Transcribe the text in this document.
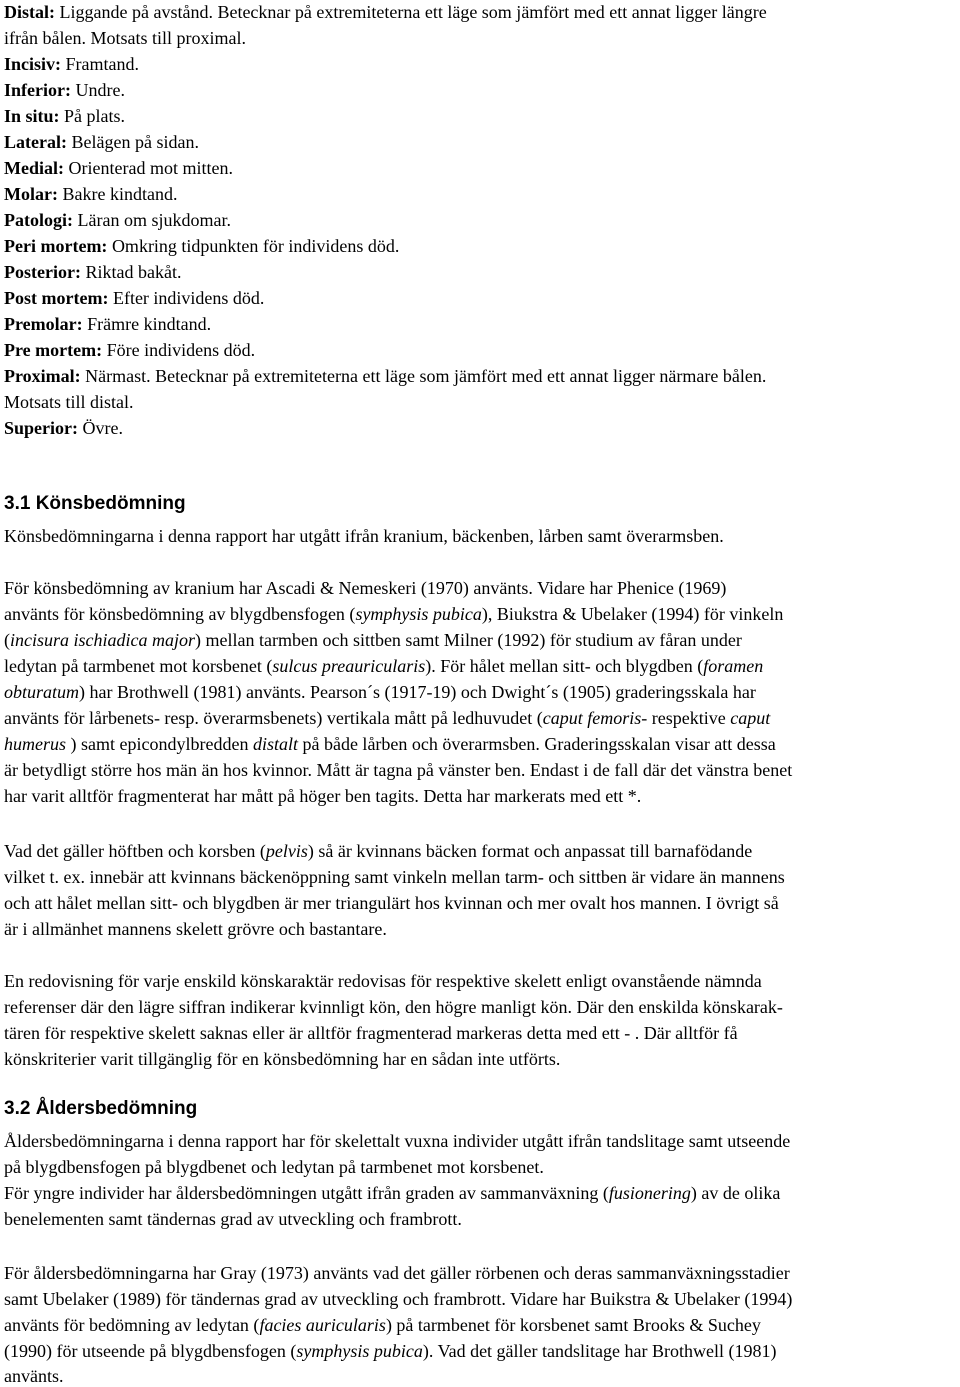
Distal: Liggande på avstånd. Betecknar på extremiteterna ett läge som jämfört med ett annat ligger längre
ifrån bålen. Motsats till proximal.
Incisiv: Framtand.
Inferior: Undre.
In situ: På plats.
Lateral: Belägen på sidan.
Medial: Orienterad mot mitten.
Molar: Bakre kindtand.
Patologi: Läran om sjukdomar.
Peri mortem: Omkring tidpunkten för individens död.
Posterior: Riktad bakåt.
Post mortem: Efter individens död.
Premolar: Främre kindtand.
Pre mortem: Före individens död.
Proximal: Närmast. Betecknar på extremiteterna ett läge som jämfört med ett annat ligger närmare bålen.
Motsats till distal.
Superior: Övre.
3.1 Könsbedömning
Könsbedömningarna i denna rapport har utgått ifrån kranium, bäckenben, lårben samt överarmsben.
För könsbedömning av kranium har Ascadi & Nemeskeri (1970) använts. Vidare har Phenice (1969)
använts för könsbedömning av blygdbensfogen (symphysis pubica), Biukstra & Ubelaker (1994) för vinkeln
(incisura ischiadica major) mellan tarmben och sittben samt Milner (1992) för studium av fåran under
ledytan på tarmbenet mot korsbenet (sulcus preauricularis). För hålet mellan sitt- och blygdben (foramen
obturatum) har Brothwell (1981) använts. Pearson´s (1917-19) och Dwight´s (1905) graderingsskala har
använts för lårbenets- resp. överarmsbenets) vertikala mått på ledhuvudet (caput femoris- respektive caput
humerus ) samt epicondylbredden distalt på både lårben och överarmsben. Graderingsskalan visar att dessa
är betydligt större hos män än hos kvinnor. Mått är tagna på vänster ben. Endast i de fall där det vänstra benet
har varit alltför fragmenterat har mått på höger ben tagits. Detta har markerats med ett *.
Vad det gäller höftben och korsben (pelvis) så är kvinnans bäcken format och anpassat till barnafödande
vilket t. ex. innebär att kvinnans bäckenöppning samt vinkeln mellan tarm- och sittben är vidare än mannens
och att hålet mellan sitt- och blygdben är mer triangulärt hos kvinnan och mer ovalt hos mannen. I övrigt så
är i allmänhet mannens skelett grövre och bastantare.
En redovisning för varje enskild könskaraktär redovisas för respektive skelett enligt ovanstående nämnda
referenser där den lägre siffran indikerar kvinnligt kön, den högre manligt kön. Där den enskilda könskarak-
tären för respektive skelett saknas eller är alltför fragmenterad markeras detta med ett - . Där alltför få
könskriterier varit tillgänglig för en könsbedömning har en sådan inte utförts.
3.2 Åldersbedömning
Åldersbedömningarna i denna rapport har för skelettalt vuxna individer utgått ifrån tandslitage samt utseende
på blygdbensfogen på blygdbenet och ledytan på tarmbenet mot korsbenet.
För yngre individer har åldersbedömningen utgått ifrån graden av sammanväxning (fusionering) av de olika
benelementen samt tändernas grad av utveckling och frambrott.
För åldersbedömningarna har Gray (1973) använts vad det gäller rörbenen och deras sammanväxningsstadier
samt Ubelaker (1989) för tändernas grad av utveckling och frambrott. Vidare har Buikstra & Ubelaker (1994)
använts för bedömning av ledytan (facies auricularis) på tarmbenet för korsbenet samt Brooks & Suchey
(1990) för utseende på blygdbensfogen (symphysis pubica). Vad det gäller tandslitage har Brothwell (1981)
använts.
